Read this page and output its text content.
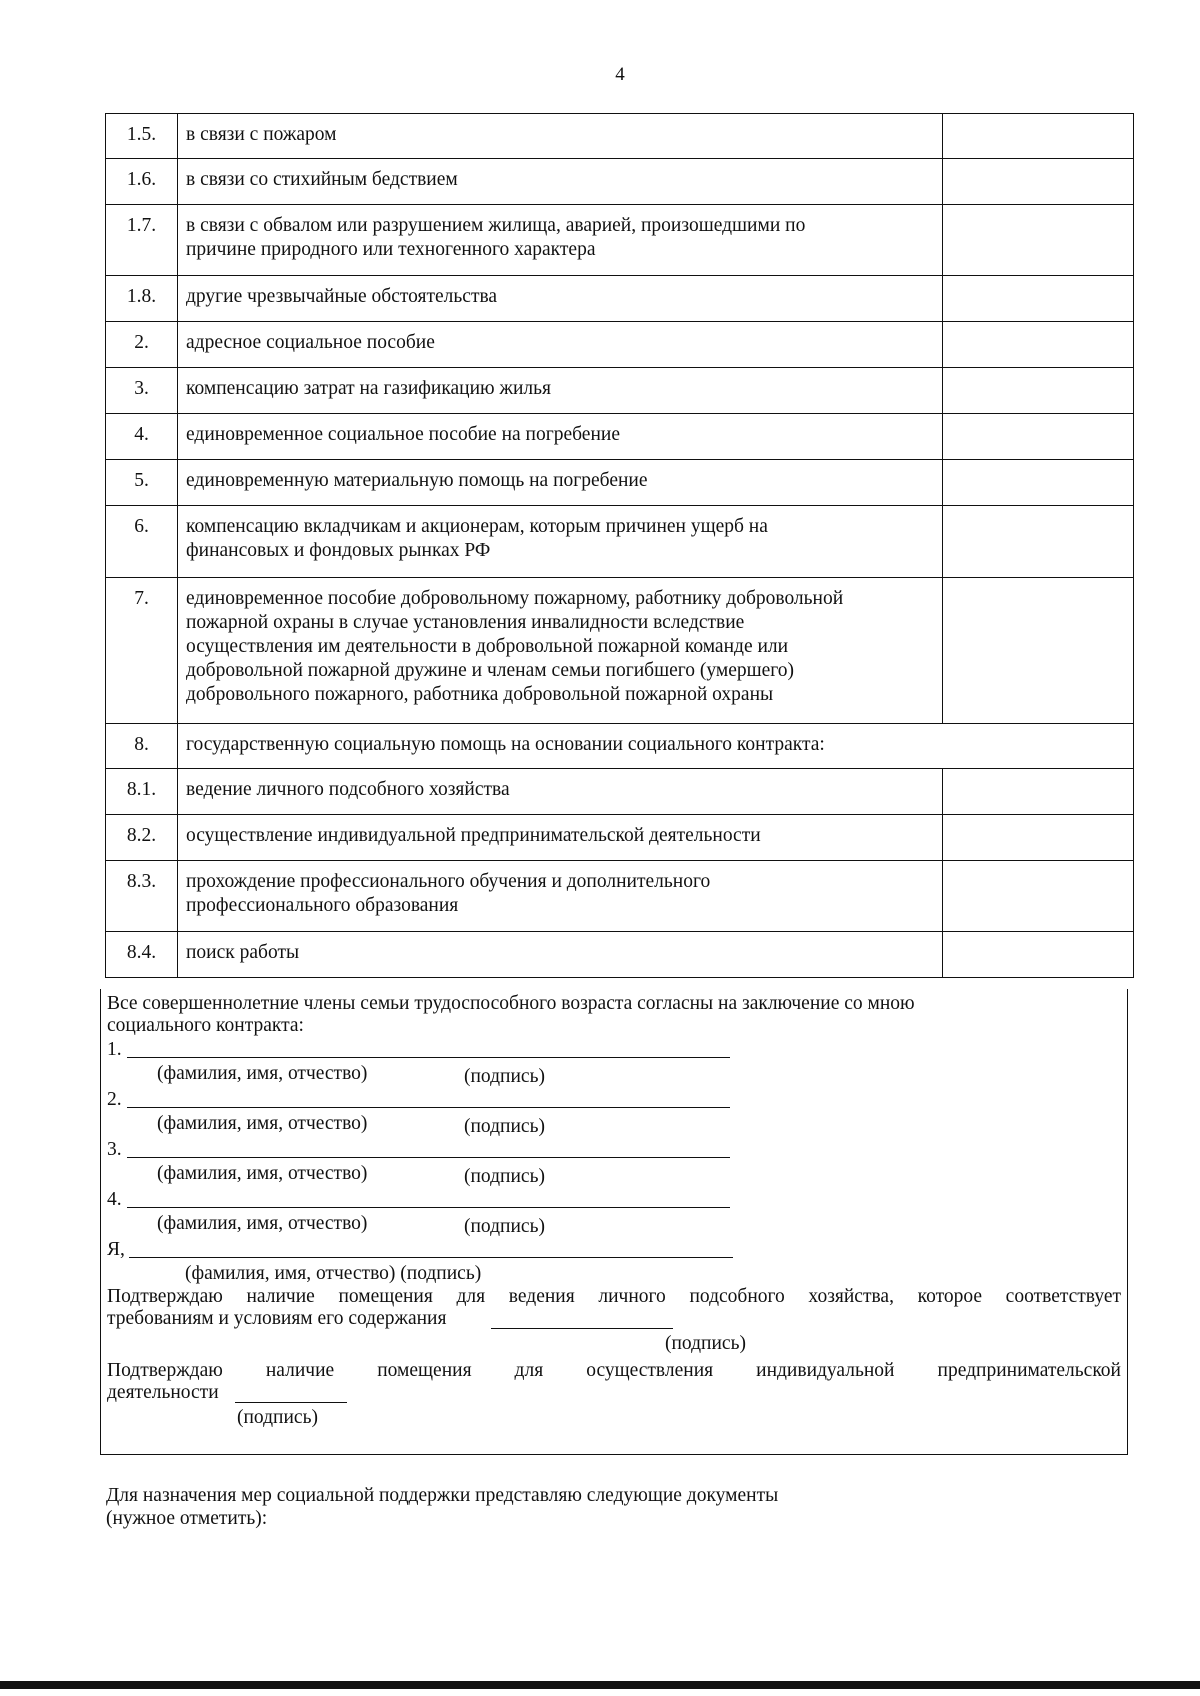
4
1.5.	в связи с пожаром	

1.6.	в связи со стихийным бедствием	

1.7.	в связи с обвалом или разрушением жилища, аварией, произошедшими по
причине природного или техногенного характера	

1.8.	другие чрезвычайные обстоятельства	

2.	адресное социальное пособие	

3.	компенсацию затрат на газификацию жилья	

4.	единовременное социальное пособие на погребение	

5.	единовременную материальную помощь на погребение	

6.	компенсацию вкладчикам и акционерам, которым причинен ущерб на
финансовых и фондовых рынках РФ	

7.	единовременное пособие добровольному пожарному, работнику добровольной
пожарной охраны в случае установления инвалидности вследствие
осуществления им деятельности в добровольной пожарной команде или
добровольной пожарной дружине и членам семьи погибшего (умершего)
добровольного пожарного, работника добровольной пожарной охраны	

8.	государственную социальную помощь на основании социального контракта:	

8.1.	ведение личного подсобного хозяйства	

8.2.	осуществление индивидуальной предпринимательской деятельности	

8.3.	прохождение профессионального обучения и дополнительного
профессионального образования	

8.4.	поиск работы	

Все совершеннолетние члены семьи трудоспособного возраста согласны на заключение со мною
социального контракта:
1.
(фамилия, имя, отчество)	(подпись)
2.
(фамилия, имя, отчество)	(подпись)
3.
(фамилия, имя, отчество)	(подпись)
4.
(фамилия, имя, отчество)	(подпись)
Я,
(фамилия, имя, отчество) (подпись)
Подтверждаю наличие помещения для ведения личного подсобного хозяйства, которое соответствует
требованиям и условиям его содержания
(подпись)
Подтверждаю наличие помещения для осуществления индивидуальной предпринимательской
деятельности
(подпись)
Для назначения мер социальной поддержки представляю следующие документы
(нужное отметить):
